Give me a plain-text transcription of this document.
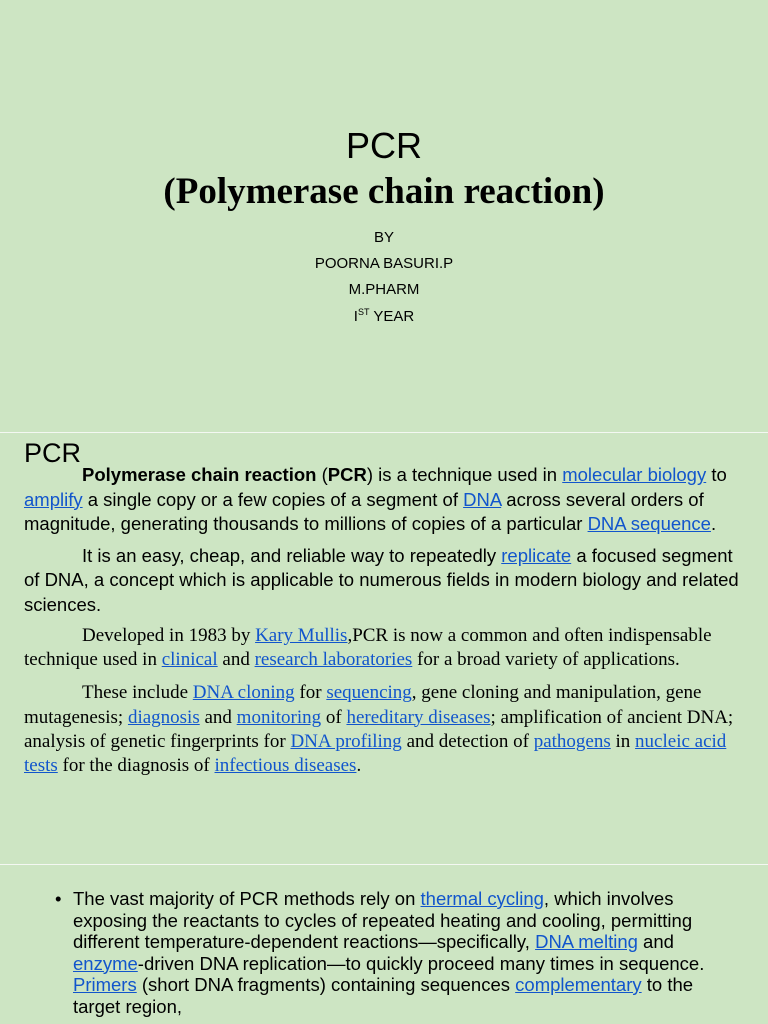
PCR
(Polymerase chain reaction)
BY
POORNA BASURI.P
M.PHARM
IST YEAR
PCR

Polymerase chain reaction (PCR) is a technique used in molecular biology to amplify a single copy or a few copies of a segment of DNA across several orders of magnitude, generating thousands to millions of copies of a particular DNA sequence.

It is an easy, cheap, and reliable way to repeatedly replicate a focused segment of DNA, a concept which is applicable to numerous fields in modern biology and related sciences.

Developed in 1983 by Kary Mullis,PCR is now a common and often indispensable technique used in clinical and research laboratories for a broad variety of applications.

These include DNA cloning for sequencing, gene cloning and manipulation, gene mutagenesis; diagnosis and monitoring of hereditary diseases; amplification of ancient DNA; analysis of genetic fingerprints for DNA profiling and detection of pathogens in nucleic acid tests for the diagnosis of infectious diseases.

• The vast majority of PCR methods rely on thermal cycling, which involves exposing the reactants to cycles of repeated heating and cooling, permitting different temperature-dependent reactions—specifically, DNA melting and enzyme-driven DNA replication—to quickly proceed many times in sequence. Primers (short DNA fragments) containing sequences complementary to the target region,
